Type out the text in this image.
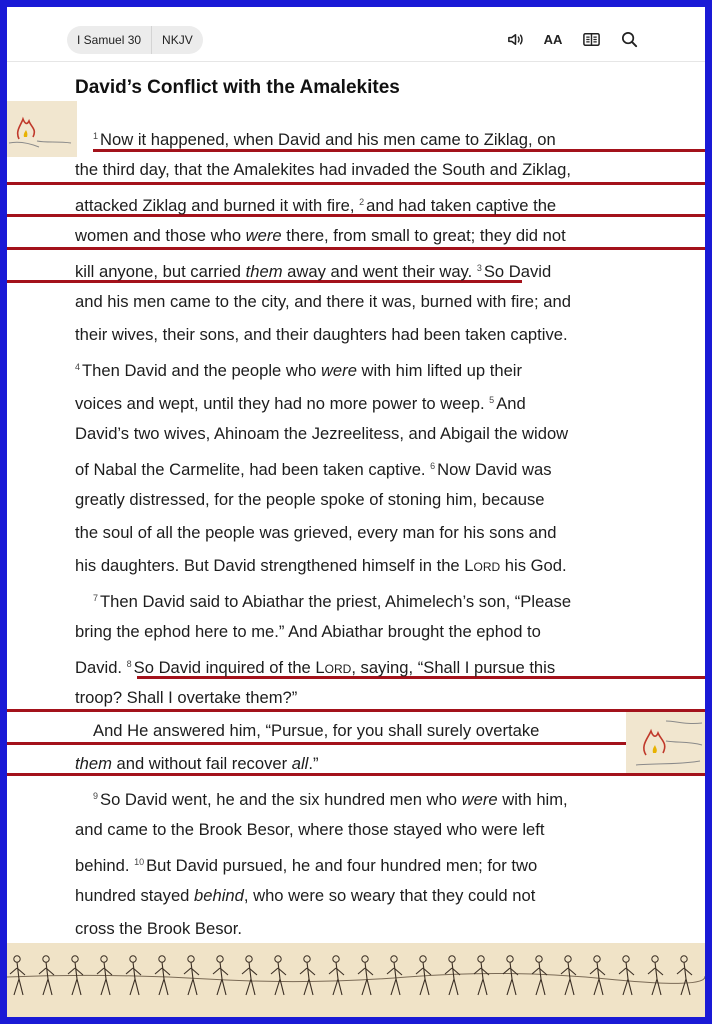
I Samuel 30	NKJV	AA
David’s Conflict with the Amalekites
$^1$ Now it happened, when David and his men came to Ziklag, on
the third day, that the Amalekites had invaded the South and Ziklag,
attacked Ziklag and burned it with fire, $^2$ and had taken captive the
women and those who were there, from small to great; they did not
kill anyone, but carried them away and went their way. $^3$ So David
and his men came to the city, and there it was, burned with fire; and
their wives, their sons, and their daughters had been taken captive.
$^4$ Then David and the people who were with him lifted up their
voices and wept, until they had no more power to weep. $^5$ And
David’s two wives, Ahinoam the Jezreelitess, and Abigail the widow
of Nabal the Carmelite, had been taken captive. $^6$ Now David was
greatly distressed, for the people spoke of stoning him, because
the soul of all the people was grieved, every man for his sons and
his daughters. But David strengthened himself in the Lord his God.
$^7$ Then David said to Abiathar the priest, Ahimelech’s son, “Please
bring the ephod here to me.” And Abiathar brought the ephod to
David. $^8$ So David inquired of the Lord, saying, “Shall I pursue this
troop? Shall I overtake them?”
And He answered him, “Pursue, for you shall surely overtake
them and without fail recover all.”
$^9$ So David went, he and the six hundred men who were with him,
and came to the Brook Besor, where those stayed who were left
behind. $^{10}$ But David pursued, he and four hundred men; for two
hundred stayed behind, who were so weary that they could not
cross the Brook Besor.
